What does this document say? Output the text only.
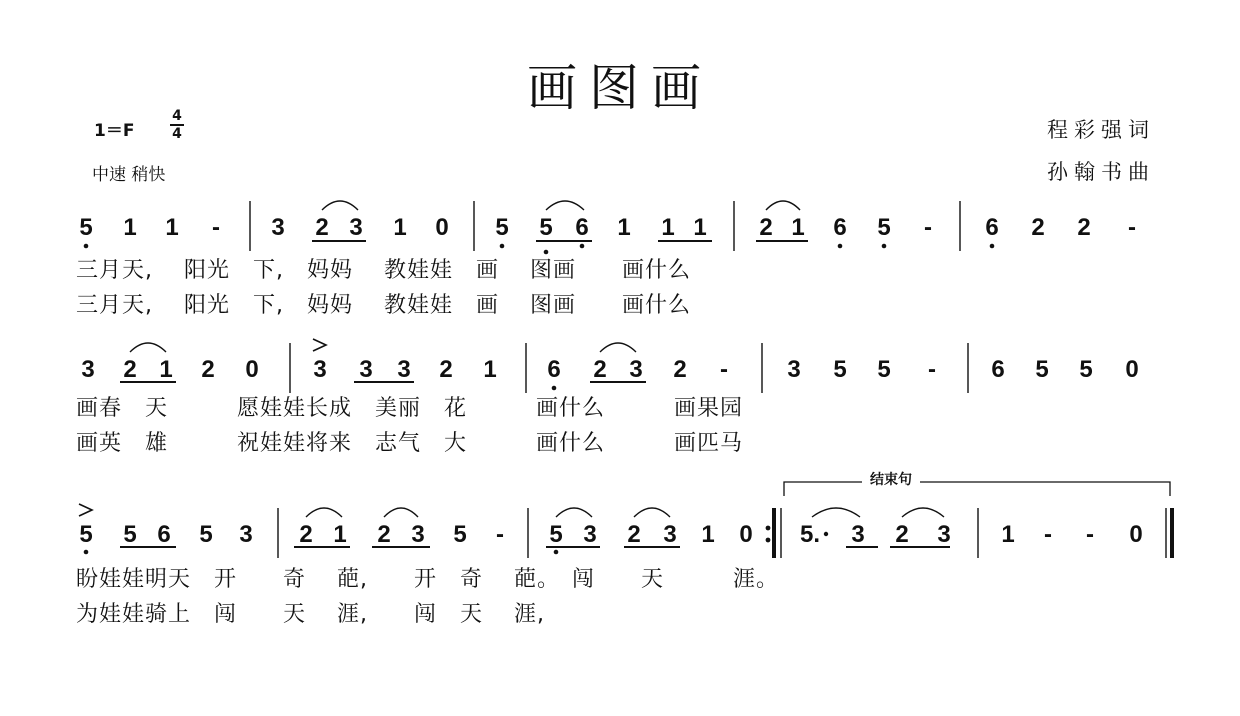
画图画
1＝F
4
4
中速 稍快
程彩强词
孙翰书曲
结束句
三月天,　 阳光　下,　妈妈　 教娃娃　画　 图画　　画什么
三月天,　 阳光　下,　妈妈　 教娃娃　画　 图画　　画什么
画春　天　　　愿娃娃长成　美丽　花　　　画什么　　　画果园
画英　雄　　　祝娃娃将来　志气　大　　　画什么　　　画匹马
盼娃娃明天　开　　奇　 葩,　　开　奇　 葩。　闯　　天　　　涯。
为娃娃骑上　闯　　天　 涯,　　闯　天　 涯,
5 1 1	-	3 2 3 1 0 5 5 6 1 1 1 2 1 6 5	-	6 2 2	-
3 2 1 2 0 3 3 3 2 1 6 2 3 2	-	3 5 5	-	6 5 5 0
5 5 6 5 3 2 1 2 3 5	-	5 3 2 3 1 0 5. 3 2 3 1	-	-	0
